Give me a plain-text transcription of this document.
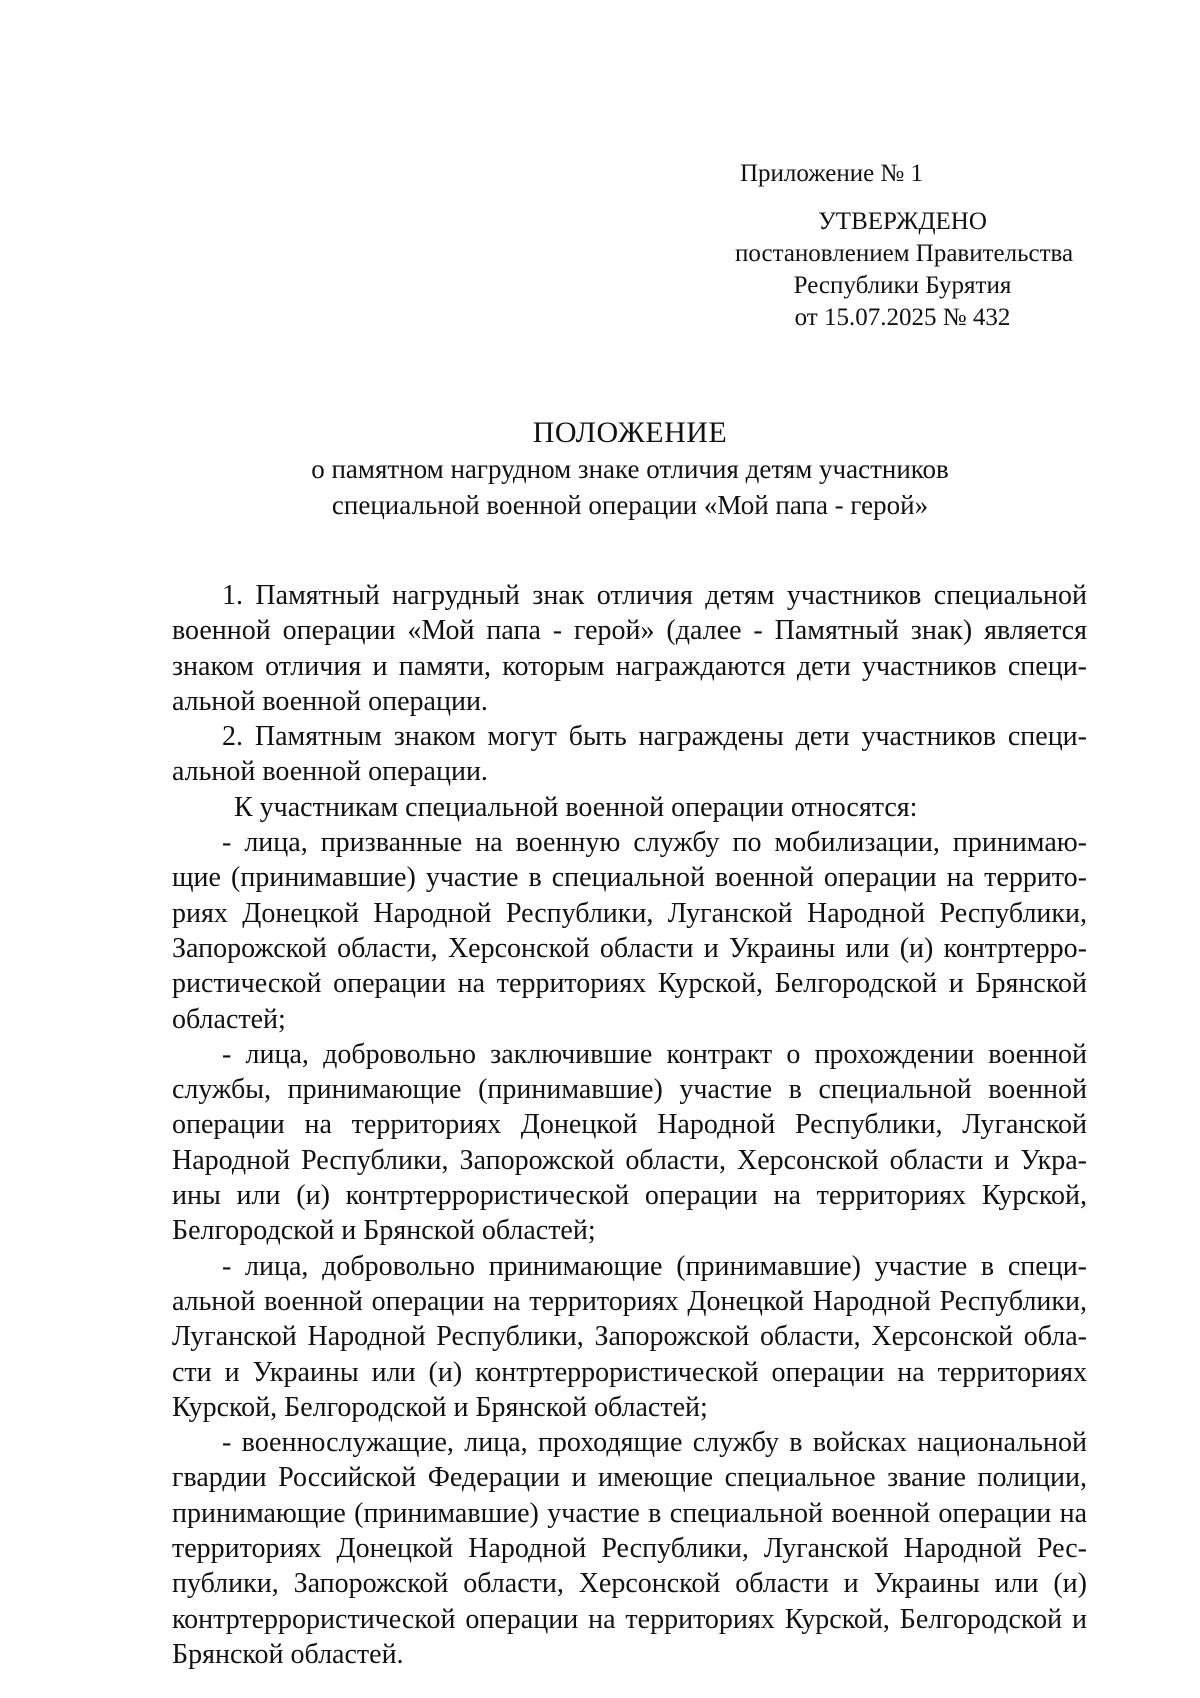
Приложение № 1
УТВЕРЖДЕНО
постановлением Правительства
Республики Бурятия
от 15.07.2025 № 432
ПОЛОЖЕНИЕ
о памятном нагрудном знаке отличия детям участников
специальной военной операции «Мой папа - герой»
1. Памятный нагрудный знак отличия детям участников специальной
военной операции «Мой папа - герой» (далее - Памятный знак) является
знаком отличия и памяти, которым награждаются дети участников специ-
альной военной операции.
2. Памятным знаком могут быть награждены дети участников специ-
альной военной операции.
К участникам специальной военной операции относятся:
- лица, призванные на военную службу по мобилизации, принимаю-
щие (принимавшие) участие в специальной военной операции на террито-
риях Донецкой Народной Республики, Луганской Народной Республики,
Запорожской области, Херсонской области и Украины или (и) контртерро-
ристической операции на территориях Курской, Белгородской и Брянской
областей;
- лица, добровольно заключившие контракт о прохождении военной
службы, принимающие (принимавшие) участие в специальной военной
операции на территориях Донецкой Народной Республики, Луганской
Народной Республики, Запорожской области, Херсонской области и Укра-
ины или (и) контртеррористической операции на территориях Курской,
Белгородской и Брянской областей;
- лица, добровольно принимающие (принимавшие) участие в специ-
альной военной операции на территориях Донецкой Народной Республики,
Луганской Народной Республики, Запорожской области, Херсонской обла-
сти и Украины или (и) контртеррористической операции на территориях
Курской, Белгородской и Брянской областей;
- военнослужащие, лица, проходящие службу в войсках национальной
гвардии Российской Федерации и имеющие специальное звание полиции,
принимающие (принимавшие) участие в специальной военной операции на
территориях Донецкой Народной Республики, Луганской Народной Рес-
публики, Запорожской области, Херсонской области и Украины или (и)
контртеррористической операции на территориях Курской, Белгородской и
Брянской областей.
